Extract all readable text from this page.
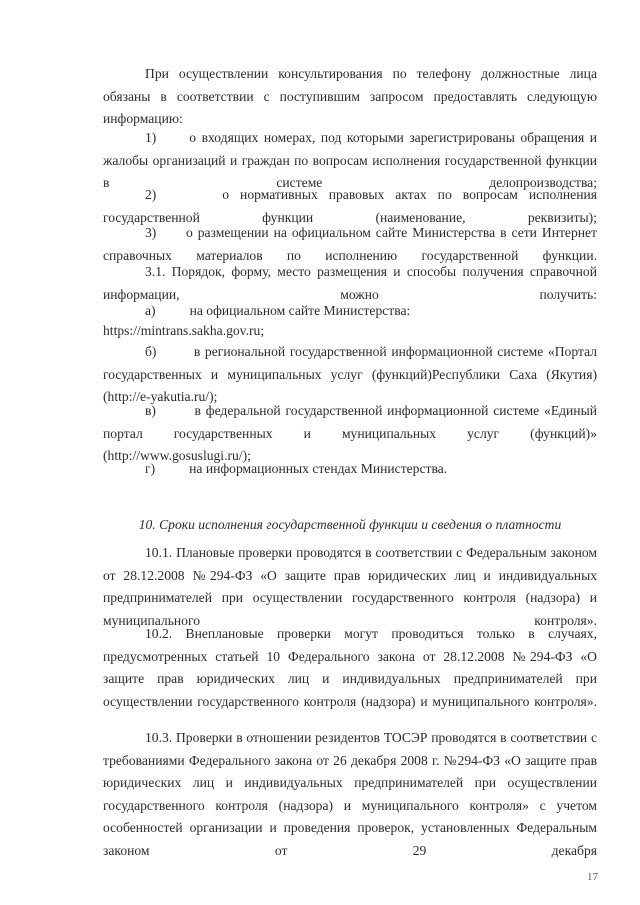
При осуществлении консультирования по телефону должностные лица обязаны в соответствии с поступившим запросом предоставлять следующую информацию:

1) о входящих номерах, под которыми зарегистрированы обращения и жалобы организаций и граждан по вопросам исполнения государственной функции в системе делопроизводства;

2)	о нормативных правовых актах по вопросам исполнения государственной функции (наименование, реквизиты);

3) о размещении на официальном сайте Министерства в сети Интернет справочных материалов по исполнению государственной функции.

3.1. Порядок, форму, место размещения и способы получения справочной информации, можно получить:

а)	на официальном сайте Министерства:

https://mintrans.sakha.gov.ru;

б)	в региональной государственной информационной системе «Портал государственных и муниципальных услуг (функций)Республики Саха (Якутия) (http://e-yakutia.ru/);

в)	в федеральной государственной информационной системе «Единый портал государственных и муниципальных услуг (функций)» (http://www.gosuslugi.ru/);

г)	на информационных стендах Министерства.

10. Сроки исполнения государственной функции и сведения о платности

10.1. Плановые проверки проводятся в соответствии с Федеральным законом от 28.12.2008 №294-ФЗ «О защите прав юридических лиц и индивидуальных предпринимателей при осуществлении государственного контроля (надзора) и муниципального контроля».

10.2. Внеплановые проверки могут проводиться только в случаях, предусмотренных статьей 10 Федерального закона от 28.12.2008 №294-ФЗ «О защите прав юридических лиц и индивидуальных предпринимателей при осуществлении государственного контроля (надзора) и муниципального контроля».

10.3. Проверки в отношении резидентов ТОСЭР проводятся в соответствии с требованиями Федерального закона от 26 декабря 2008 г. №294-ФЗ «О защите прав юридических лиц и индивидуальных предпринимателей при осуществлении государственного контроля (надзора) и муниципального контроля» с учетом особенностей организации и проведения проверок, установленных Федеральным законом от 29 декабря

17
